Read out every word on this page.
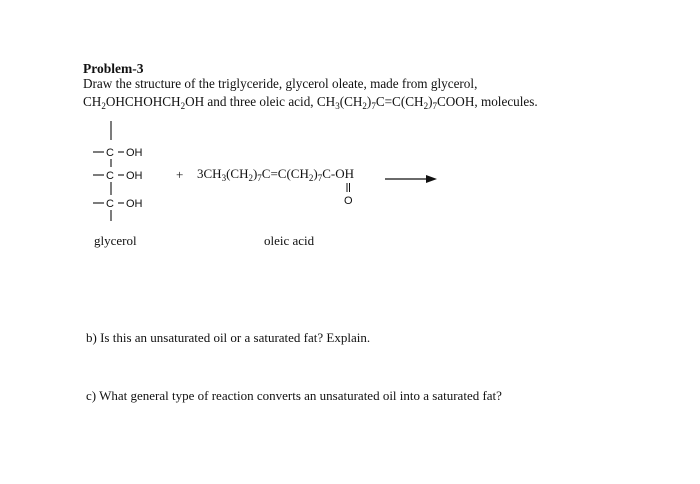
Problem-3
Draw the structure of the triglyceride, glycerol oleate, made from glycerol,
$CH_2OHCHOHCH_2OH$ and three oleic acid, $CH_3(CH_2)_7C=C(CH_2)_7COOH$, molecules.
C OH
C OH
C OH	O
+ $3CH_3(CH_2)_7C=C(CH_2)_7C-OH$
glycerol	oleic acid
b) Is this an unsaturated oil or a saturated fat? Explain.
c) What general type of reaction converts an unsaturated oil into a saturated fat?
